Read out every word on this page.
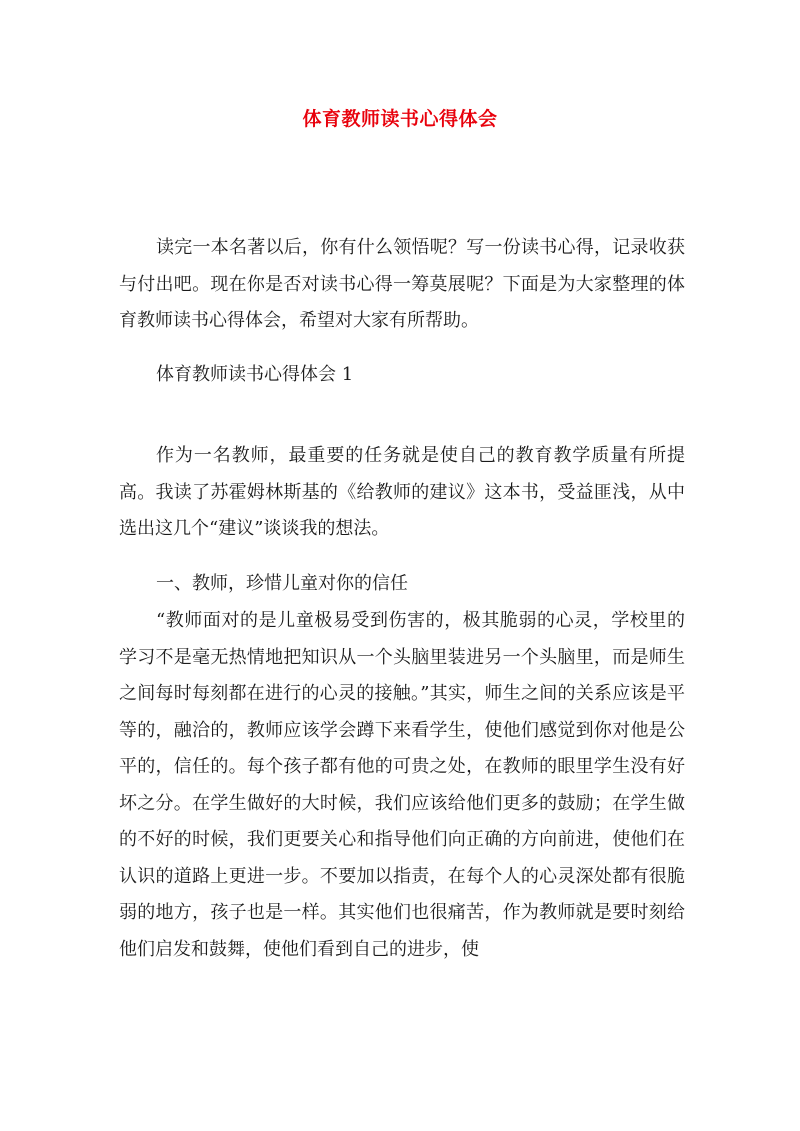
体育教师读书心得体会

读完一本名著以后，你有什么领悟呢？写一份读书心得，记录收获与付出吧。现在你是否对读书心得一筹莫展呢？下面是为大家整理的体育教师读书心得体会，希望对大家有所帮助。

体育教师读书心得体会 1

作为一名教师，最重要的任务就是使自己的教育教学质量有所提高。我读了苏霍姆林斯基的《给教师的建议》这本书，受益匪浅，从中选出这几个“建议”谈谈我的想法。

一、教师，珍惜儿童对你的信任

“教师面对的是儿童极易受到伤害的，极其脆弱的心灵，学校里的学习不是毫无热情地把知识从一个头脑里装进另一个头脑里，而是师生之间每时每刻都在进行的心灵的接触。”其实，师生之间的关系应该是平等的，融洽的，教师应该学会蹲下来看学生，使他们感觉到你对他是公平的，信任的。每个孩子都有他的可贵之处，在教师的眼里学生没有好坏之分。在学生做好的大时候，我们应该给他们更多的鼓励；在学生做的不好的时候，我们更要关心和指导他们向正确的方向前进，使他们在认识的道路上更进一步。不要加以指责，在每个人的心灵深处都有很脆弱的地方，孩子也是一样。其实他们也很痛苦，作为教师就是要时刻给他们启发和鼓舞，使他们看到自己的进步，使
